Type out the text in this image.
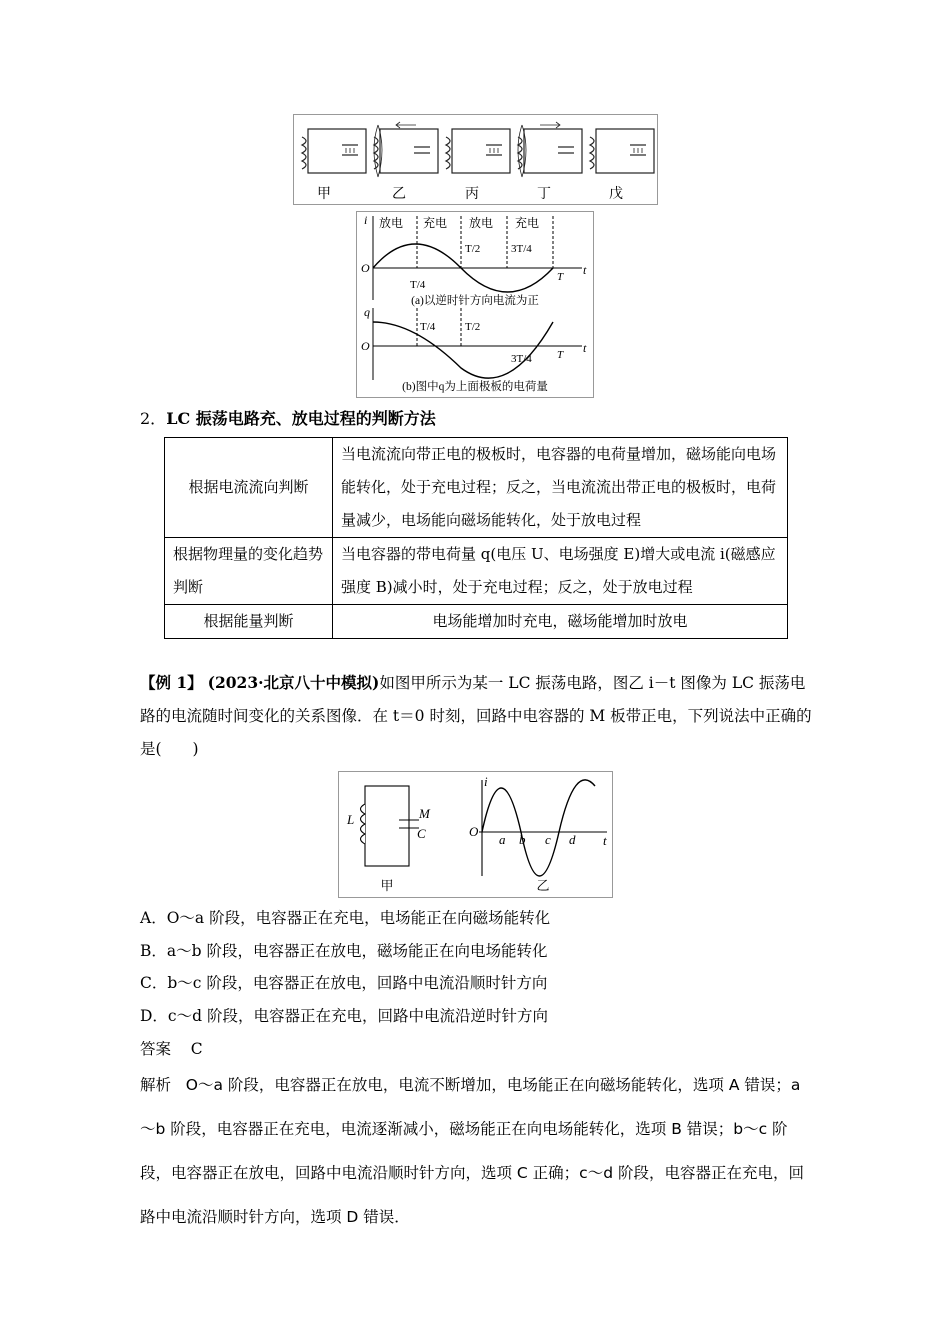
甲	乙	丙	丁	戊
i 放电 充电 放电 充电
O	t
T/4
T/2	3T/4
T
(a)以逆时针方向电流为正
q
O	t
T/4	T/2
3T/4 T
(b)图中q为上面极板的电荷量
2．LC 振荡电路充、放电过程的判断方法
根据电流流向判断	当电流流向带正电的极板时，电容器的电荷量增加，磁场能向电场能转化，处于充电过程；反之，当电流流出带正电的极板时，电荷量减少，电场能向磁场能转化，处于放电过程
根据物理量的变化趋势判断	当电容器的带电荷量 q(电压 U、电场强度 E)增大或电流 i(磁感应强度 B)减小时，处于充电过程；反之，处于放电过程
根据能量判断	电场能增加时充电，磁场能增加时放电
【例 1】 (2023·北京八十中模拟)如图甲所示为某一 LC 振荡电路，图乙 i－t 图像为 LC 振荡电路的电流随时间变化的关系图像．在 t＝0 时刻，回路中电容器的 M 板带正电，下列说法中正确的是(　　)
L	M
C
i
O
t
a b c d
甲	乙
A．O～a 阶段，电容器正在充电，电场能正在向磁场能转化
B．a～b 阶段，电容器正在放电，磁场能正在向电场能转化
C．b～c 阶段，电容器正在放电，回路中电流沿顺时针方向
D．c～d 阶段，电容器正在充电，回路中电流沿逆时针方向
答案 C
解析 O～a 阶段，电容器正在放电，电流不断增加，电场能正在向磁场能转化，选项 A 错误；a～b 阶段，电容器正在充电，电流逐渐减小，磁场能正在向电场能转化，选项 B 错误；b～c 阶段，电容器正在放电，回路中电流沿顺时针方向，选项 C 正确；c～d 阶段，电容器正在充电，回路中电流沿顺时针方向，选项 D 错误．
